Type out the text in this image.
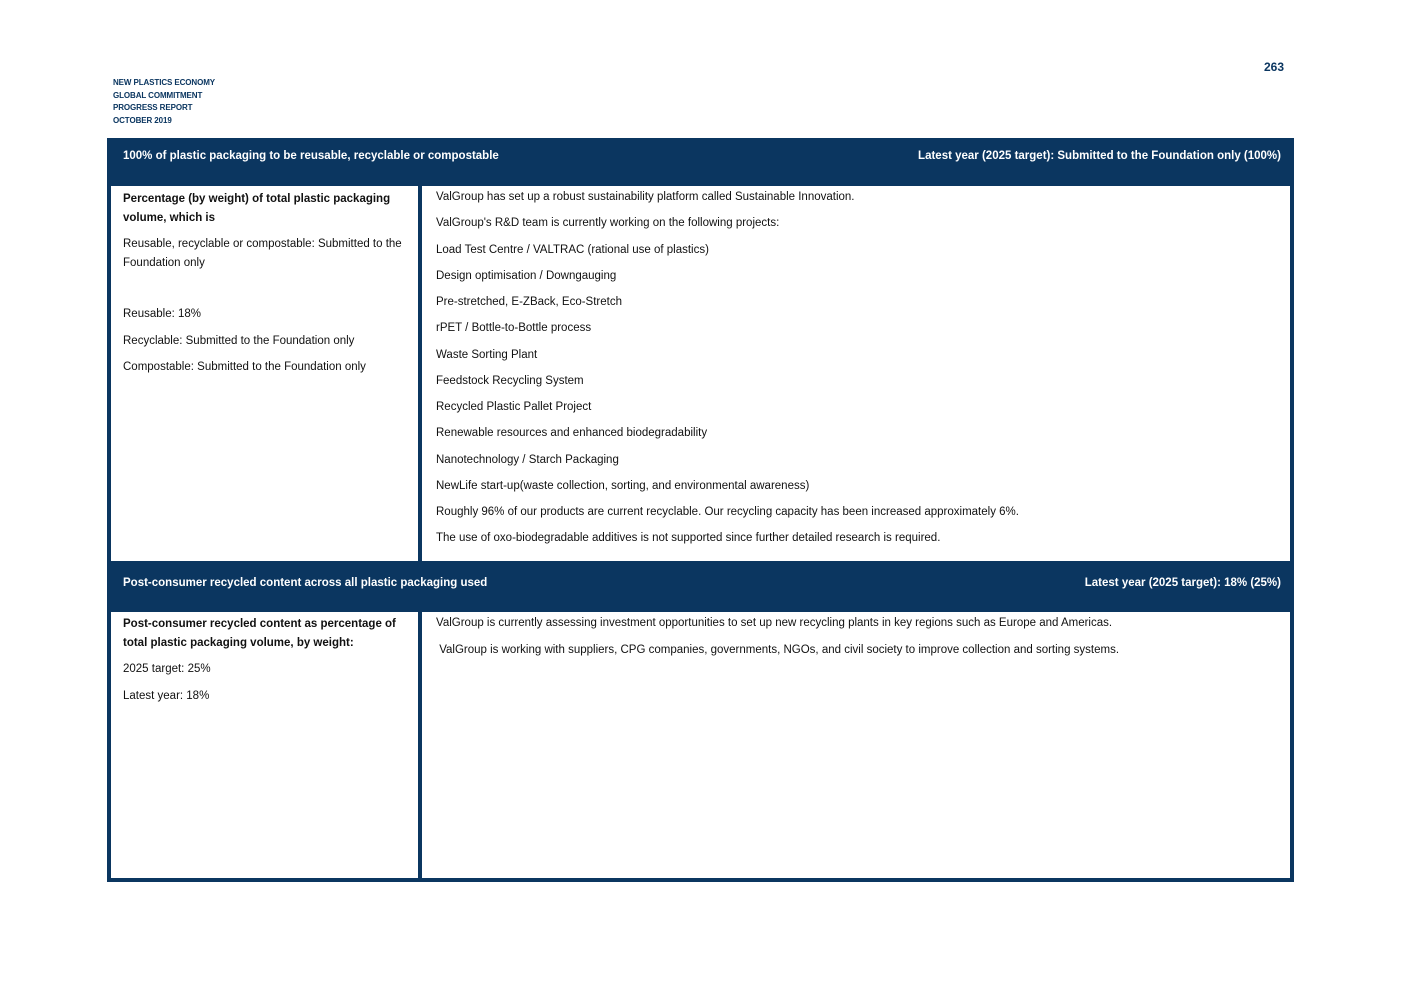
NEW PLASTICS ECONOMY
GLOBAL COMMITMENT
PROGRESS REPORT
OCTOBER 2019
263
100% of plastic packaging to be reusable, recyclable or compostable	Latest year (2025 target): Submitted to the Foundation only (100%)
Percentage (by weight) of total plastic packaging volume, which is
Reusable, recyclable or compostable: Submitted to the Foundation only
Reusable: 18%
Recyclable: Submitted to the Foundation only
Compostable: Submitted to the Foundation only
ValGroup has set up a robust sustainability platform called Sustainable Innovation.
ValGroup's R&D team is currently working on the following projects:
Load Test Centre / VALTRAC (rational use of plastics)
Design optimisation / Downgauging
Pre-stretched, E-ZBack, Eco-Stretch
rPET / Bottle-to-Bottle process
Waste Sorting Plant
Feedstock Recycling System
Recycled Plastic Pallet Project
Renewable resources and enhanced biodegradability
Nanotechnology / Starch Packaging
NewLife start-up(waste collection, sorting, and environmental awareness)
Roughly 96% of our products are current recyclable. Our recycling capacity has been increased approximately 6%.
The use of oxo-biodegradable additives is not supported since further detailed research is required.
Post-consumer recycled content across all plastic packaging used	Latest year (2025 target): 18% (25%)
Post-consumer recycled content as percentage of total plastic packaging volume, by weight:
2025 target: 25%
Latest year: 18%
ValGroup is currently assessing investment opportunities to set up new recycling plants in key regions such as Europe and Americas.
ValGroup is working with suppliers, CPG companies, governments, NGOs, and civil society to improve collection and sorting systems.
